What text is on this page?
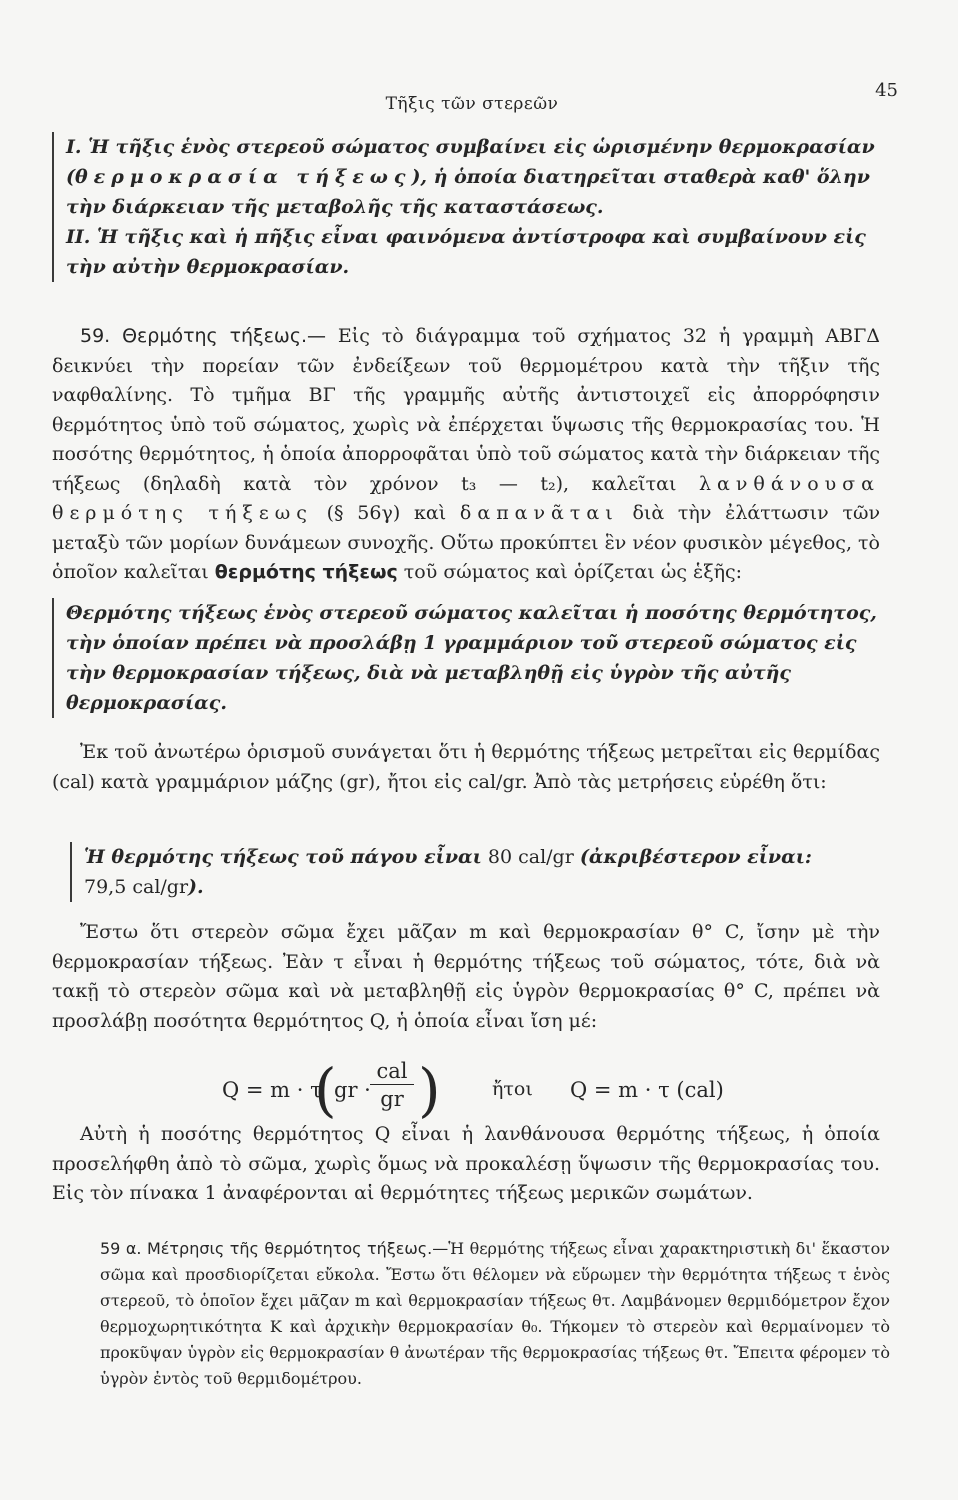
Τῆξις τῶν στερεῶν
45

I. Ἡ τῆξις ἑνὸς στερεοῦ σώματος συμβαίνει εἰς ὡρισμένην θερμοκρασίαν (θερμοκρασία τήξεως), ἡ ὁποία διατηρεῖται σταθερὰ καθ' ὅλην τὴν διάρκειαν τῆς μεταβολῆς τῆς καταστάσεως.

II. Ἡ τῆξις καὶ ἡ πῆξις εἶναι φαινόμενα ἀντίστροφα καὶ συμβαίνουν εἰς τὴν αὐτὴν θερμοκρασίαν.

59. Θερμότης τήξεως.— Εἰς τὸ διάγραμμα τοῦ σχήματος 32 ἡ γραμμὴ ΑΒΓΔ δεικνύει τὴν πορείαν τῶν ἐνδείξεων τοῦ θερμομέτρου κατὰ τὴν τῆξιν τῆς ναφθαλίνης. Τὸ τμῆμα ΒΓ τῆς γραμμῆς αὐτῆς ἀντιστοιχεῖ εἰς ἀπορρόφησιν θερμότητος ὑπὸ τοῦ σώματος, χωρὶς νὰ ἐπέρχεται ὕψωσις τῆς θερμοκρασίας του. Ἡ ποσότης θερμότητος, ἡ ὁποία ἀπορροφᾶται ὑπὸ τοῦ σώματος κατὰ τὴν διάρκειαν τῆς τήξεως (δηλαδὴ κατὰ τὸν χρόνον t₃ — t₂), καλεῖται λανθάνουσα θερμότης τήξεως (§ 56γ) καὶ δαπανᾶται διὰ τὴν ἐλάττωσιν τῶν μεταξὺ τῶν μορίων δυνάμεων συνοχῆς. Οὕτω προκύπτει ἓν νέον φυσικὸν μέγεθος, τὸ ὁποῖον καλεῖται θερμότης τήξεως τοῦ σώματος καὶ ὁρίζεται ὡς ἑξῆς:

Θερμότης τήξεως ἑνὸς στερεοῦ σώματος καλεῖται ἡ ποσότης θερμότητος, τὴν ὁποίαν πρέπει νὰ προσλάβῃ 1 γραμμάριον τοῦ στερεοῦ σώματος εἰς τὴν θερμοκρασίαν τήξεως, διὰ νὰ μεταβληθῇ εἰς ὑγρὸν τῆς αὐτῆς θερμοκρασίας.

Ἐκ τοῦ ἀνωτέρω ὁρισμοῦ συνάγεται ὅτι ἡ θερμότης τήξεως μετρεῖται εἰς θερμίδας (cal) κατὰ γραμμάριον μάζης (gr), ἤτοι εἰς cal/gr. Ἀπὸ τὰς μετρήσεις εὑρέθη ὅτι:

Ἡ θερμότης τήξεως τοῦ πάγου εἶναι 80 cal/gr (ἀκριβέστερον εἶναι:
79,5 cal/gr).

Ἔστω ὅτι στερεὸν σῶμα ἔχει μᾶζαν m καὶ θερμοκρασίαν θ° C, ἴσην μὲ τὴν θερμοκρασίαν τήξεως. Ἐὰν τ εἶναι ἡ θερμότης τήξεως τοῦ σώματος, τότε, διὰ νὰ τακῇ τὸ στερεὸν σῶμα καὶ νὰ μεταβληθῇ εἰς ὑγρὸν θερμοκρασίας θ° C, πρέπει νὰ προσλάβῃ ποσότητα θερμότητος Q, ἡ ὁποία εἶναι ἴση μέ:

Q = m · τ
(
gr ·
cal
gr )	ἤτοι Q = m · τ (cal)

Αὐτὴ ἡ ποσότης θερμότητος Q εἶναι ἡ λανθάνουσα θερμότης τήξεως, ἡ ὁποία προσελήφθη ἀπὸ τὸ σῶμα, χωρὶς ὅμως νὰ προκαλέσῃ ὕψωσιν τῆς θερμοκρασίας του. Εἰς τὸν πίνακα 1 ἀναφέρονται αἱ θερμότητες τήξεως μερικῶν σωμάτων.

59 α. Μέτρησις τῆς θερμότητος τήξεως.—Ἡ θερμότης τήξεως εἶναι χαρακτηριστικὴ δι' ἕκαστον σῶμα καὶ προσδιορίζεται εὔκολα. Ἔστω ὅτι θέλομεν νὰ εὕρωμεν τὴν θερμότητα τήξεως τ ἑνὸς στερεοῦ, τὸ ὁποῖον ἔχει μᾶζαν m καὶ θερμοκρασίαν τήξεως θτ. Λαμβάνομεν θερμιδόμετρον ἔχον θερμοχωρητικότητα Κ καὶ ἀρχικὴν θερμοκρασίαν θ₀. Τήκομεν τὸ στερεὸν καὶ θερμαίνομεν τὸ προκῦψαν ὑγρὸν εἰς θερμοκρασίαν θ ἀνωτέραν τῆς θερμοκρασίας τήξεως θτ. Ἔπειτα φέρομεν τὸ ὑγρὸν ἐντὸς τοῦ θερμιδομέτρου.
